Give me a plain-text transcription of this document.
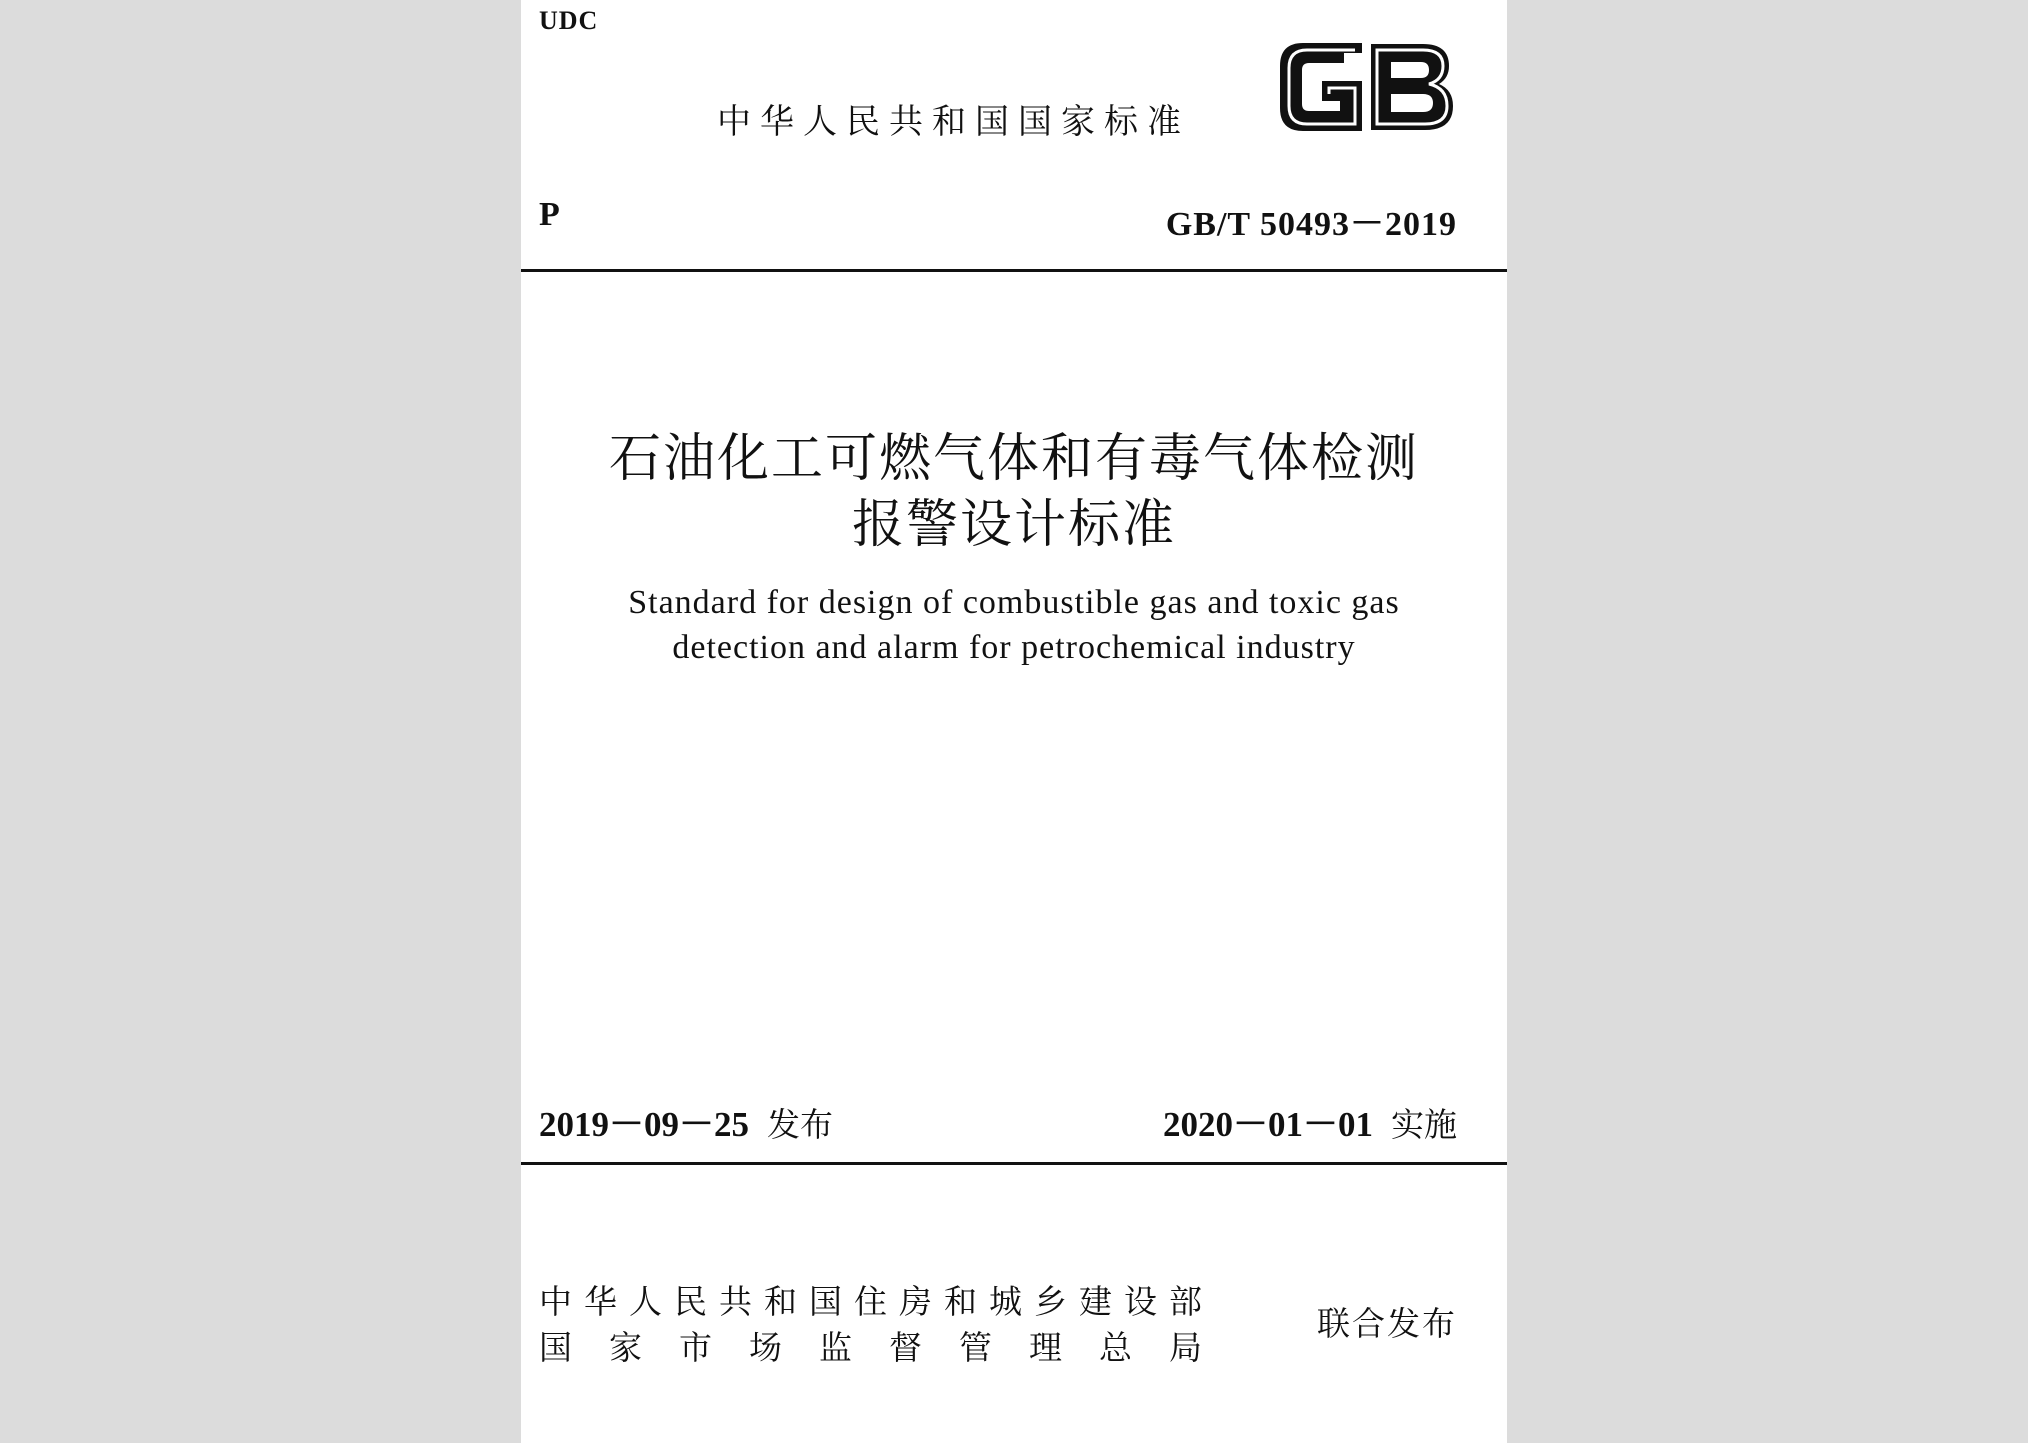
UDC
中华人民共和国国家标准
P	GB/T 50493－2019
石油化工可燃气体和有毒气体检测
报警设计标准
Standard for design of combustible gas and toxic gas
detection and alarm for petrochemical industry
2019－09－25 发布	2020－01－01 实施
中华人民共和国住房和城乡建设部
国家市场监督管理总局
联合发布
